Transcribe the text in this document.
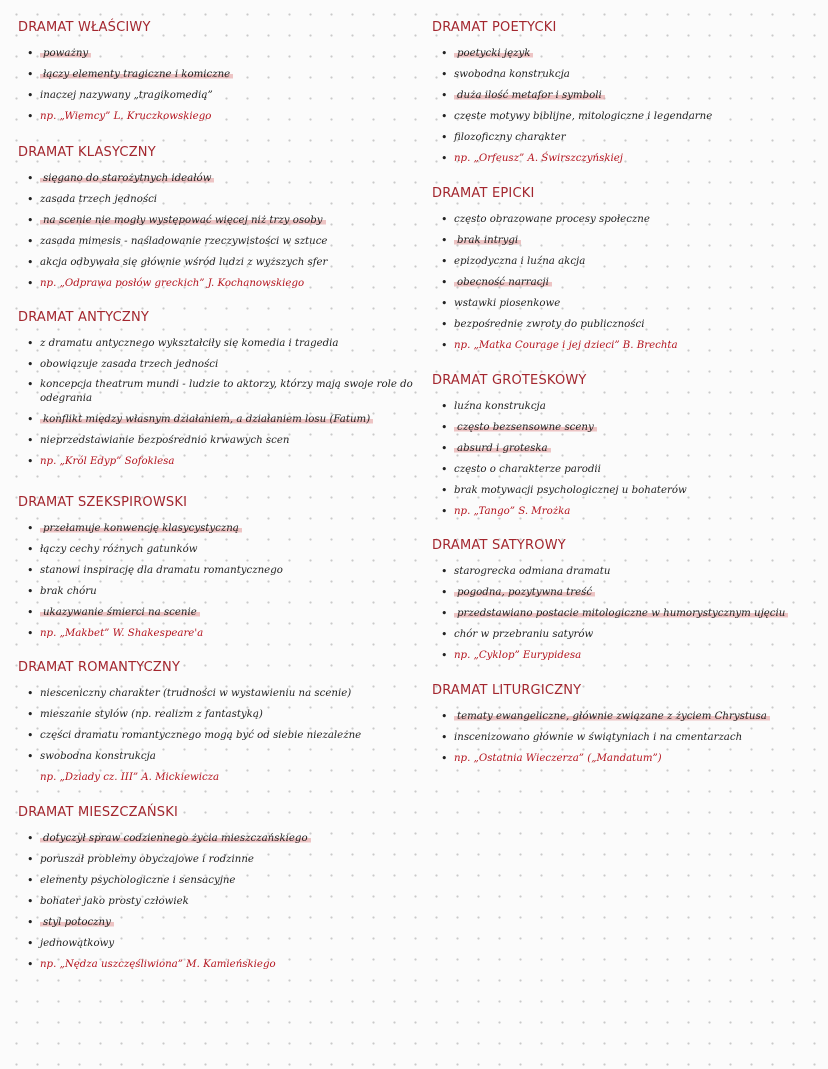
DRAMAT WŁAŚCIWY
• poważny
• łączy elementy tragiczne i komiczne
• inaczej nazywany „tragikomedią”
• np. „Wiemcy” L. Kruczkowskiego
DRAMAT KLASYCZNY
• sięgano do starożytnych ideałów
• zasada trzech jedności
• na scenie nie mogły występować więcej niż trzy osoby
• zasada mimesis - naśladowanie rzeczywistości w sztuce
• akcja odbywała się głównie wśród ludzi z wyższych sfer
• np. „Odprawa posłów greckich” J. Kochanowskiego
DRAMAT ANTYCZNY
• z dramatu antycznego wykształciły się komedia i tragedia
• obowiązuje zasada trzech jedności
• koncepcja theatrum mundi - ludzie to aktorzy, którzy mają swoje role do odegrania
• konflikt między własnym działaniem, a działaniem losu (Fatum)
• nieprzedstawianie bezpośrednio krwawych scen
• np. „Król Edyp” Sofoklesa
DRAMAT SZEKSPIROWSKI
• przełamuje konwencję klasycystyczną
• łączy cechy różnych gatunków
• stanowi inspirację dla dramatu romantycznego
• brak chóru
• ukazywanie śmierci na scenie
• np. „Makbet” W. Shakespeare'a
DRAMAT ROMANTYCZNY
• niesceniczny charakter (trudności w wystawieniu na scenie)
• mieszanie stylów (np. realizm z fantastyką)
• części dramatu romantycznego mogą być od siebie niezależne
• swobodna konstrukcja
np. „Dziady cz. III” A. Mickiewicza
DRAMAT MIESZCZAŃSKI
• dotyczył spraw codziennego życia mieszczańskiego
• poruszał problemy obyczajowe i rodzinne
• elementy psychologiczne i sensacyjne
• bohater jako prosty człowiek
• styl potoczny
• jednowątkowy
• np. „Nędza uszczęśliwiona” M. Kamieńskiego
DRAMAT POETYCKI
• poetycki język
• swobodna konstrukcja
• duża ilość metafor i symboli
• częste motywy biblijne, mitologiczne i legendarne
• filozoficzny charakter
• np. „Orfeusz” A. Świrszczyńskiej
DRAMAT EPICKI
• często obrazowane procesy społeczne
• brak intrygi
• epizodyczna i luźna akcja
• obecność narracji
• wstawki piosenkowe
• bezpośrednie zwroty do publiczności
• np. „Matka Courage i jej dzieci” B. Brechta
DRAMAT GROTESKOWY
• luźna konstrukcja
• często bezsensowne sceny
• absurd i groteska
• często o charakterze parodii
• brak motywacji psychologicznej u bohaterów
• np. „Tango” S. Mrożka
DRAMAT SATYROWY
• starogrecka odmiana dramatu
• pogodna, pozytywna treść
• przedstawiano postacie mitologiczne w humorystycznym ujęciu
• chór w przebraniu satyrów
• np. „Cyklop” Eurypidesa
DRAMAT LITURGICZNY
• tematy ewangeliczne, głównie związane z życiem Chrystusa
• inscenizowano głównie w świątyniach i na cmentarzach
• np. „Ostatnia Wieczerza” („Mandatum”)
